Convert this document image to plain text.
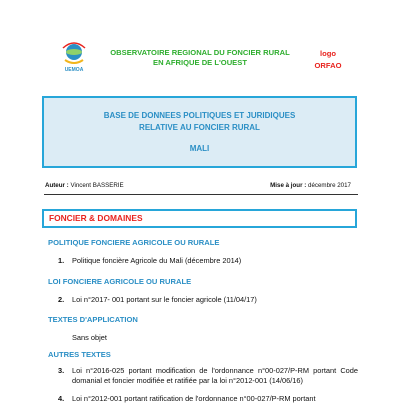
UEMOA
OBSERVATOIRE REGIONAL DU FONCIER RURAL
EN AFRIQUE DE L'OUEST
logo
ORFAO
BASE DE DONNEES POLITIQUES ET JURIDIQUES
RELATIVE AU FONCIER RURAL
MALI
Auteur : Vincent BASSERIE	Mise à jour : décembre 2017
FONCIER & DOMAINES
POLITIQUE FONCIERE AGRICOLE OU RURALE
1. Politique foncière Agricole du Mali (décembre 2014)
LOI FONCIERE AGRICOLE OU RURALE
2. Loi n°2017- 001 portant sur le foncier agricole (11/04/17)
TEXTES D'APPLICATION
Sans objet
AUTRES TEXTES
3. Loi n°2016-025 portant modification de l'ordonnance n°00-027/P-RM portant Code domanial et foncier modifiée et ratifiée par la loi n°2012-001 (14/06/16)
4. Loi n°2012-001 portant ratification de l'ordonnance n°00-027/P-RM portant
